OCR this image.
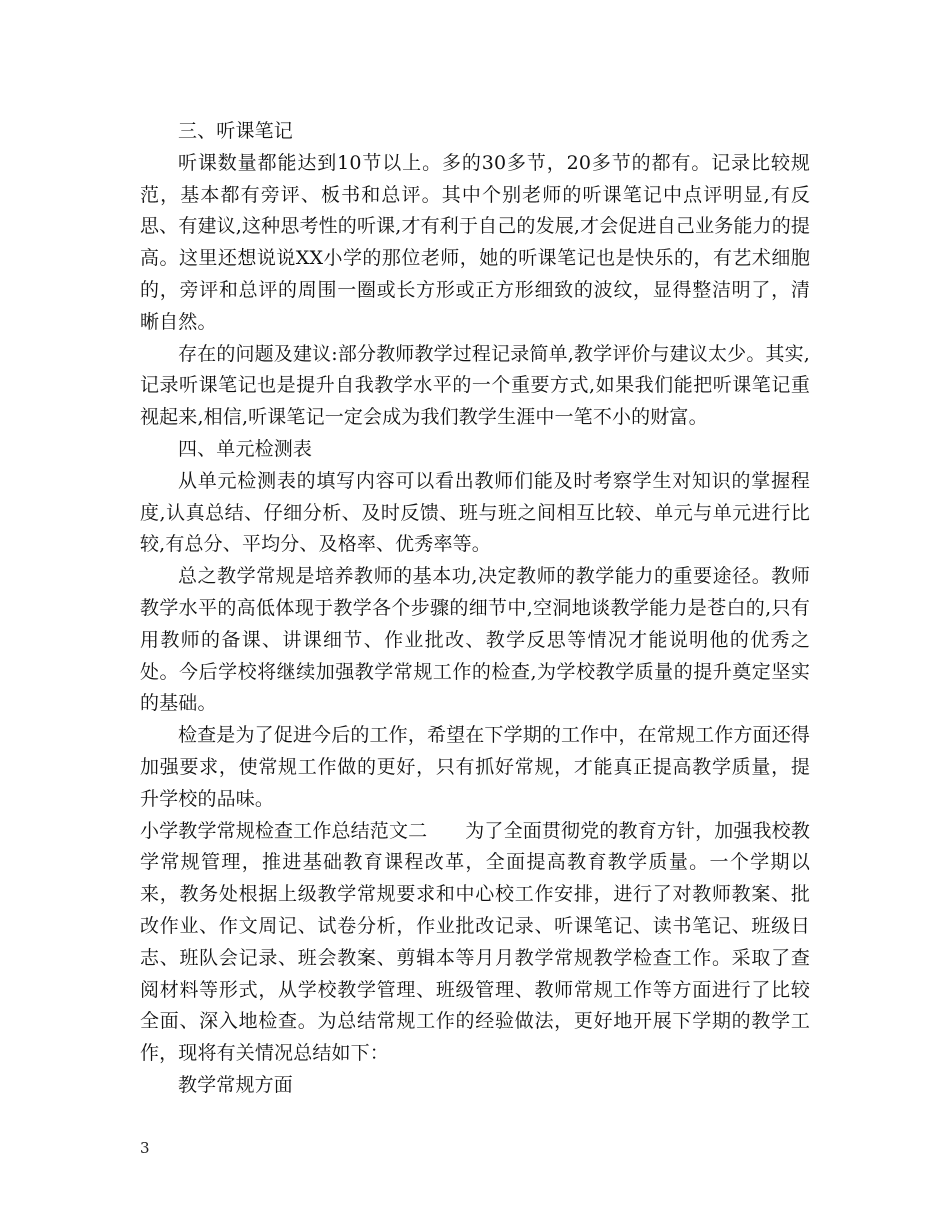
三、听课笔记

听课数量都能达到10节以上。多的30多节，20多节的都有。记录比较规范，基本都有旁评、板书和总评。其中个别老师的听课笔记中点评明显,有反思、有建议,这种思考性的听课,才有利于自己的发展,才会促进自己业务能力的提高。这里还想说说XX小学的那位老师，她的听课笔记也是快乐的，有艺术细胞的，旁评和总评的周围一圈或长方形或正方形细致的波纹，显得整洁明了，清晰自然。

存在的问题及建议:部分教师教学过程记录简单,教学评价与建议太少。其实,记录听课笔记也是提升自我教学水平的一个重要方式,如果我们能把听课笔记重视起来,相信,听课笔记一定会成为我们教学生涯中一笔不小的财富。

四、单元检测表

从单元检测表的填写内容可以看出教师们能及时考察学生对知识的掌握程度,认真总结、仔细分析、及时反馈、班与班之间相互比较、单元与单元进行比较,有总分、平均分、及格率、优秀率等。

总之教学常规是培养教师的基本功,决定教师的教学能力的重要途径。教师教学水平的高低体现于教学各个步骤的细节中,空洞地谈教学能力是苍白的,只有用教师的备课、讲课细节、作业批改、教学反思等情况才能说明他的优秀之处。今后学校将继续加强教学常规工作的检查,为学校教学质量的提升奠定坚实的基础。

检查是为了促进今后的工作，希望在下学期的工作中，在常规工作方面还得加强要求，使常规工作做的更好，只有抓好常规，才能真正提高教学质量，提升学校的品味。

小学教学常规检查工作总结范文二 为了全面贯彻党的教育方针，加强我校教学常规管理，推进基础教育课程改革，全面提高教育教学质量。一个学期以来，教务处根据上级教学常规要求和中心校工作安排，进行了对教师教案、批改作业、作文周记、试卷分析，作业批改记录、听课笔记、读书笔记、班级日志、班队会记录、班会教案、剪辑本等月月教学常规教学检查工作。采取了查阅材料等形式，从学校教学管理、班级管理、教师常规工作等方面进行了比较全面、深入地检查。为总结常规工作的经验做法，更好地开展下学期的教学工作，现将有关情况总结如下：

教学常规方面

3
